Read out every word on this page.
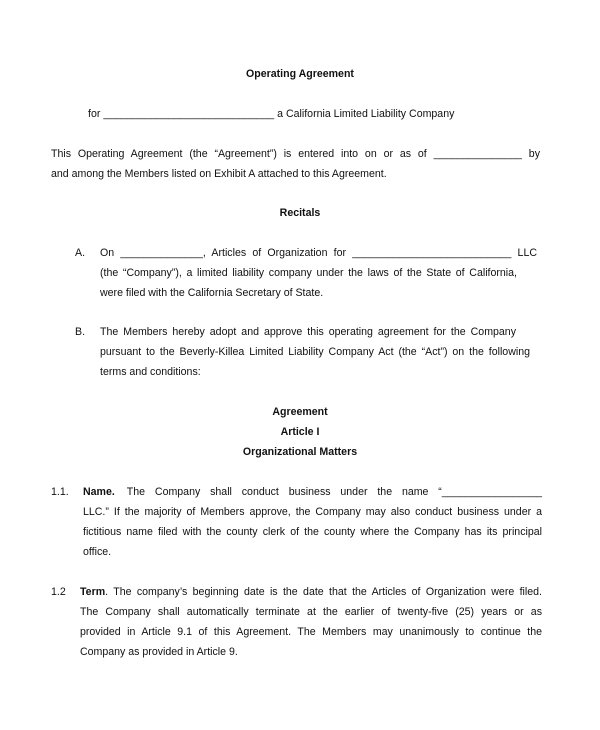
Operating Agreement
for _____________________________ a California Limited Liability Company
This Operating Agreement (the “Agreement”) is entered into on or as of _______________ by
and among the Members listed on Exhibit A attached to this Agreement.
Recitals
A. On ______________, Articles of Organization for ___________________________ LLC
(the “Company”), a limited liability company under the laws of the State of California,
were filed with the California Secretary of State.
B. The Members hereby adopt and approve this operating agreement for the Company
pursuant to the Beverly-Killea Limited Liability Company Act (the “Act”) on the following
terms and conditions:
Agreement
Article I
Organizational Matters
1.1. Name.	The Company shall conduct business under the name “_________________
LLC.” If the majority of Members approve, the Company may also conduct business under a
fictitious name filed with the county clerk of the county where the Company has its principal
office.
1.2 Term . The company’s beginning date is the date that the Articles of Organization were filed.
The Company shall automatically terminate at the earlier of twenty-five (25) years or as
provided in Article 9.1 of this Agreement. The Members may unanimously to continue the
Company as provided in Article 9.
